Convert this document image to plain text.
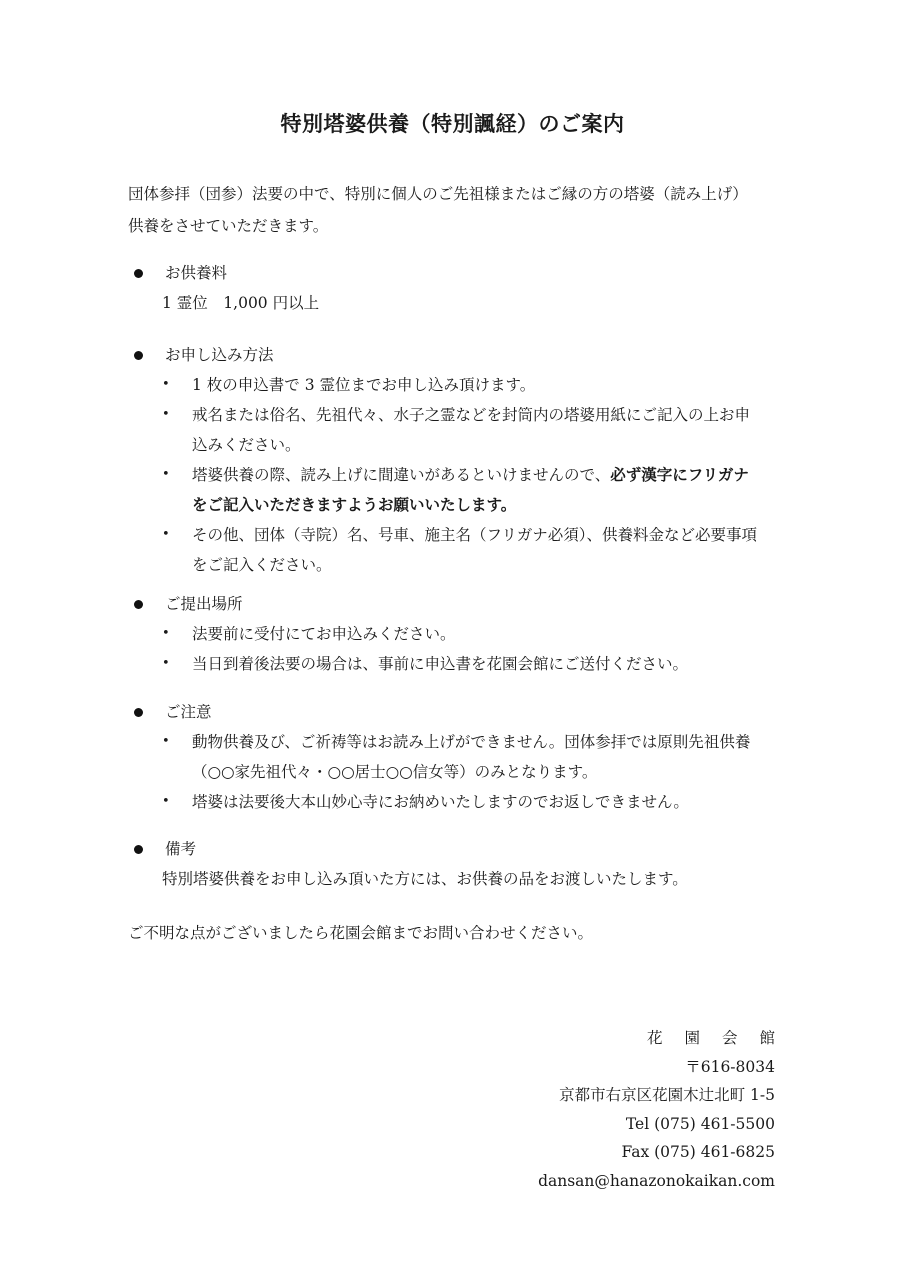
特別塔婆供養（特別諷経）のご案内
団体参拝（団参）法要の中で、特別に個人のご先祖様またはご縁の方の塔婆（読み上げ）
供養をさせていただきます。
お供養料
1 霊位　1,000 円以上
お申し込み方法
•	1 枚の申込書で 3 霊位までお申し込み頂けます。
•	戒名または俗名、先祖代々、水子之霊などを封筒内の塔婆用紙にご記入の上お申
込みください。
•	塔婆供養の際、読み上げに間違いがあるといけませんので、必ず漢字にフリガナ
をご記入いただきますようお願いいたします。
•	その他、団体（寺院）名、号車、施主名（フリガナ必須）、供養料金など必要事項
をご記入ください。
ご提出場所
•	法要前に受付にてお申込みください。
•	当日到着後法要の場合は、事前に申込書を花園会館にご送付ください。
ご注意
•	動物供養及び、ご祈祷等はお読み上げができません。団体参拝では原則先祖供養
（○○家先祖代々・○○居士○○信女等）のみとなります。
•	塔婆は法要後大本山妙心寺にお納めいたしますのでお返しできません。
備考
特別塔婆供養をお申し込み頂いた方には、お供養の品をお渡しいたします。
ご不明な点がございましたら花園会館までお問い合わせください。
花園会館
〒616-8034
京都市右京区花園木辻北町 1-5
Tel (075) 461-5500
Fax (075) 461-6825
dansan@hanazonokaikan.com
